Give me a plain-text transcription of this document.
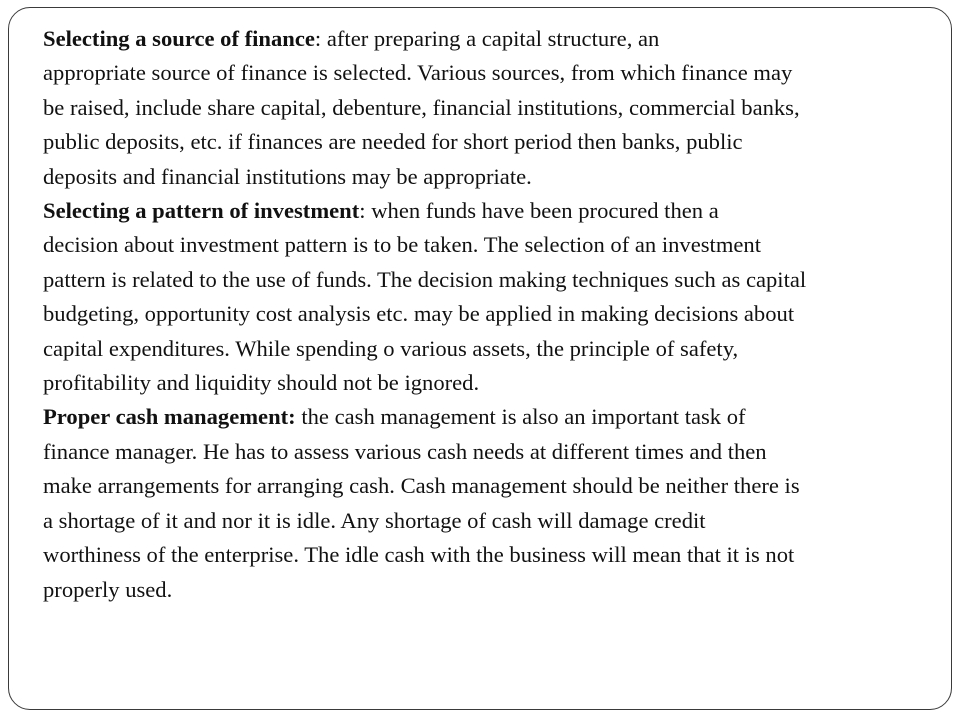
Selecting a source of finance: after preparing a capital structure, an
appropriate source of finance is selected. Various sources, from which finance may
be raised, include share capital, debenture, financial institutions, commercial banks,
public deposits, etc. if finances are needed for short period then banks, public
deposits and financial institutions may be appropriate.
Selecting a pattern of investment: when funds have been procured then a
decision about investment pattern is to be taken. The selection of an investment
pattern is related to the use of funds. The decision making techniques such as capital
budgeting, opportunity cost analysis etc. may be applied in making decisions about
capital expenditures. While spending o various assets, the principle of safety,
profitability and liquidity should not be ignored.
Proper cash management: the cash management is also an important task of
finance manager. He has to assess various cash needs at different times and then
make arrangements for arranging cash. Cash management should be neither there is
a shortage of it and nor it is idle. Any shortage of cash will damage credit
worthiness of the enterprise. The idle cash with the business will mean that it is not
properly used.
